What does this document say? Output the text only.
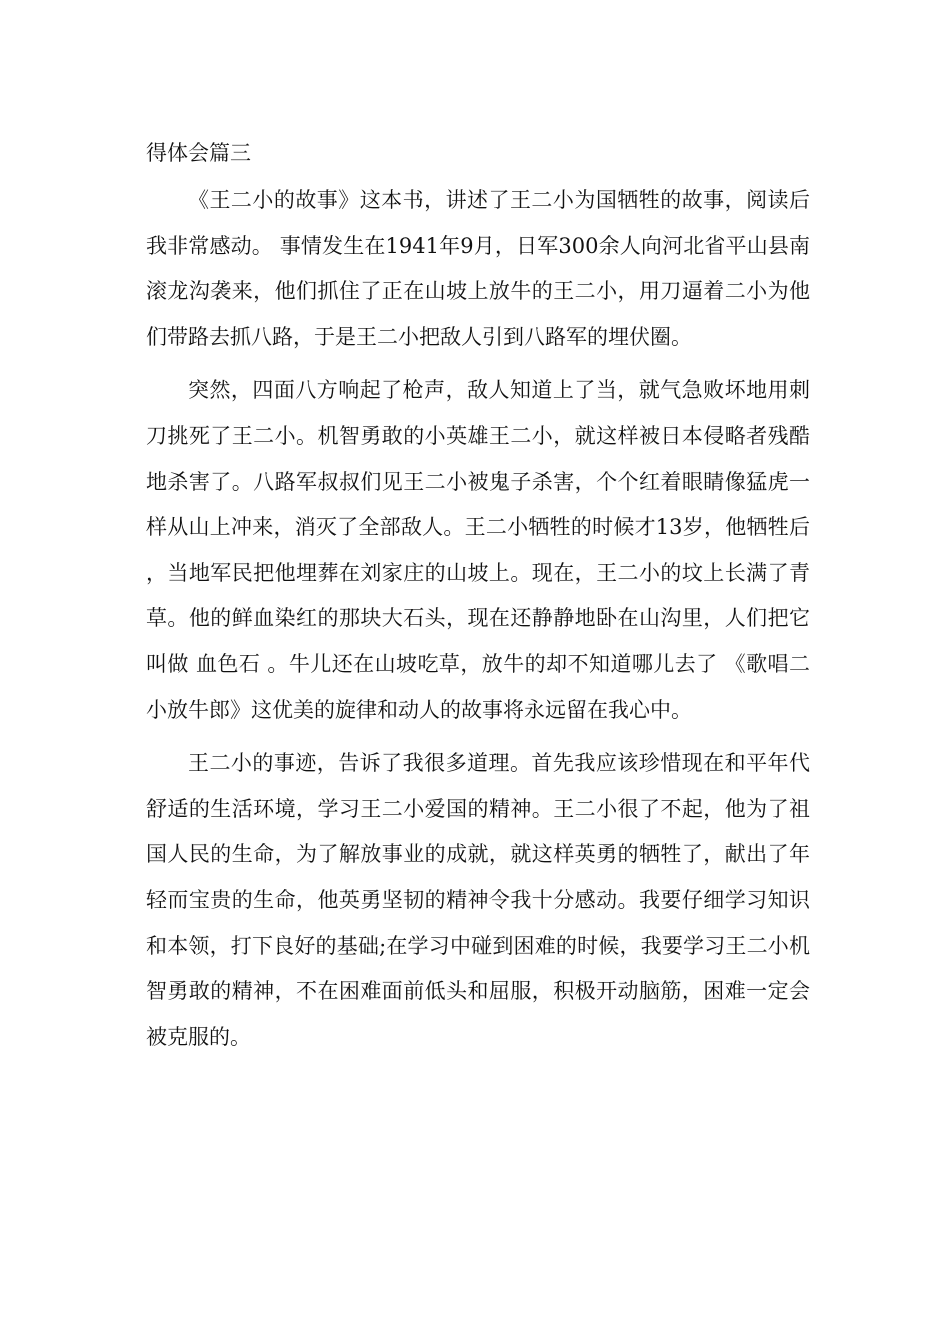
得体会篇三

《王二小的故事》这本书，讲述了王二小为国牺牲的故事，阅读后我非常感动。 事情发生在1941年9月，日军300余人向河北省平山县南滚龙沟袭来，他们抓住了正在山坡上放牛的王二小，用刀逼着二小为他们带路去抓八路，于是王二小把敌人引到八路军的埋伏圈。

突然，四面八方响起了枪声，敌人知道上了当，就气急败坏地用刺刀挑死了王二小。机智勇敢的小英雄王二小，就这样被日本侵略者残酷地杀害了。八路军叔叔们见王二小被鬼子杀害，个个红着眼睛像猛虎一样从山上冲来，消灭了全部敌人。王二小牺牲的时候才13岁，他牺牲后，当地军民把他埋葬在刘家庄的山坡上。现在，王二小的坟上长满了青草。他的鲜血染红的那块大石头，现在还静静地卧在山沟里，人们把它叫做 血色石 。牛儿还在山坡吃草，放牛的却不知道哪儿去了 《歌唱二小放牛郎》这优美的旋律和动人的故事将永远留在我心中。

王二小的事迹，告诉了我很多道理。首先我应该珍惜现在和平年代舒适的生活环境，学习王二小爱国的精神。王二小很了不起，他为了祖国人民的生命，为了解放事业的成就，就这样英勇的牺牲了，献出了年轻而宝贵的生命，他英勇坚韧的精神令我十分感动。我要仔细学习知识和本领，打下良好的基础;在学习中碰到困难的时候，我要学习王二小机智勇敢的精神，不在困难面前低头和屈服，积极开动脑筋，困难一定会被克服的。
